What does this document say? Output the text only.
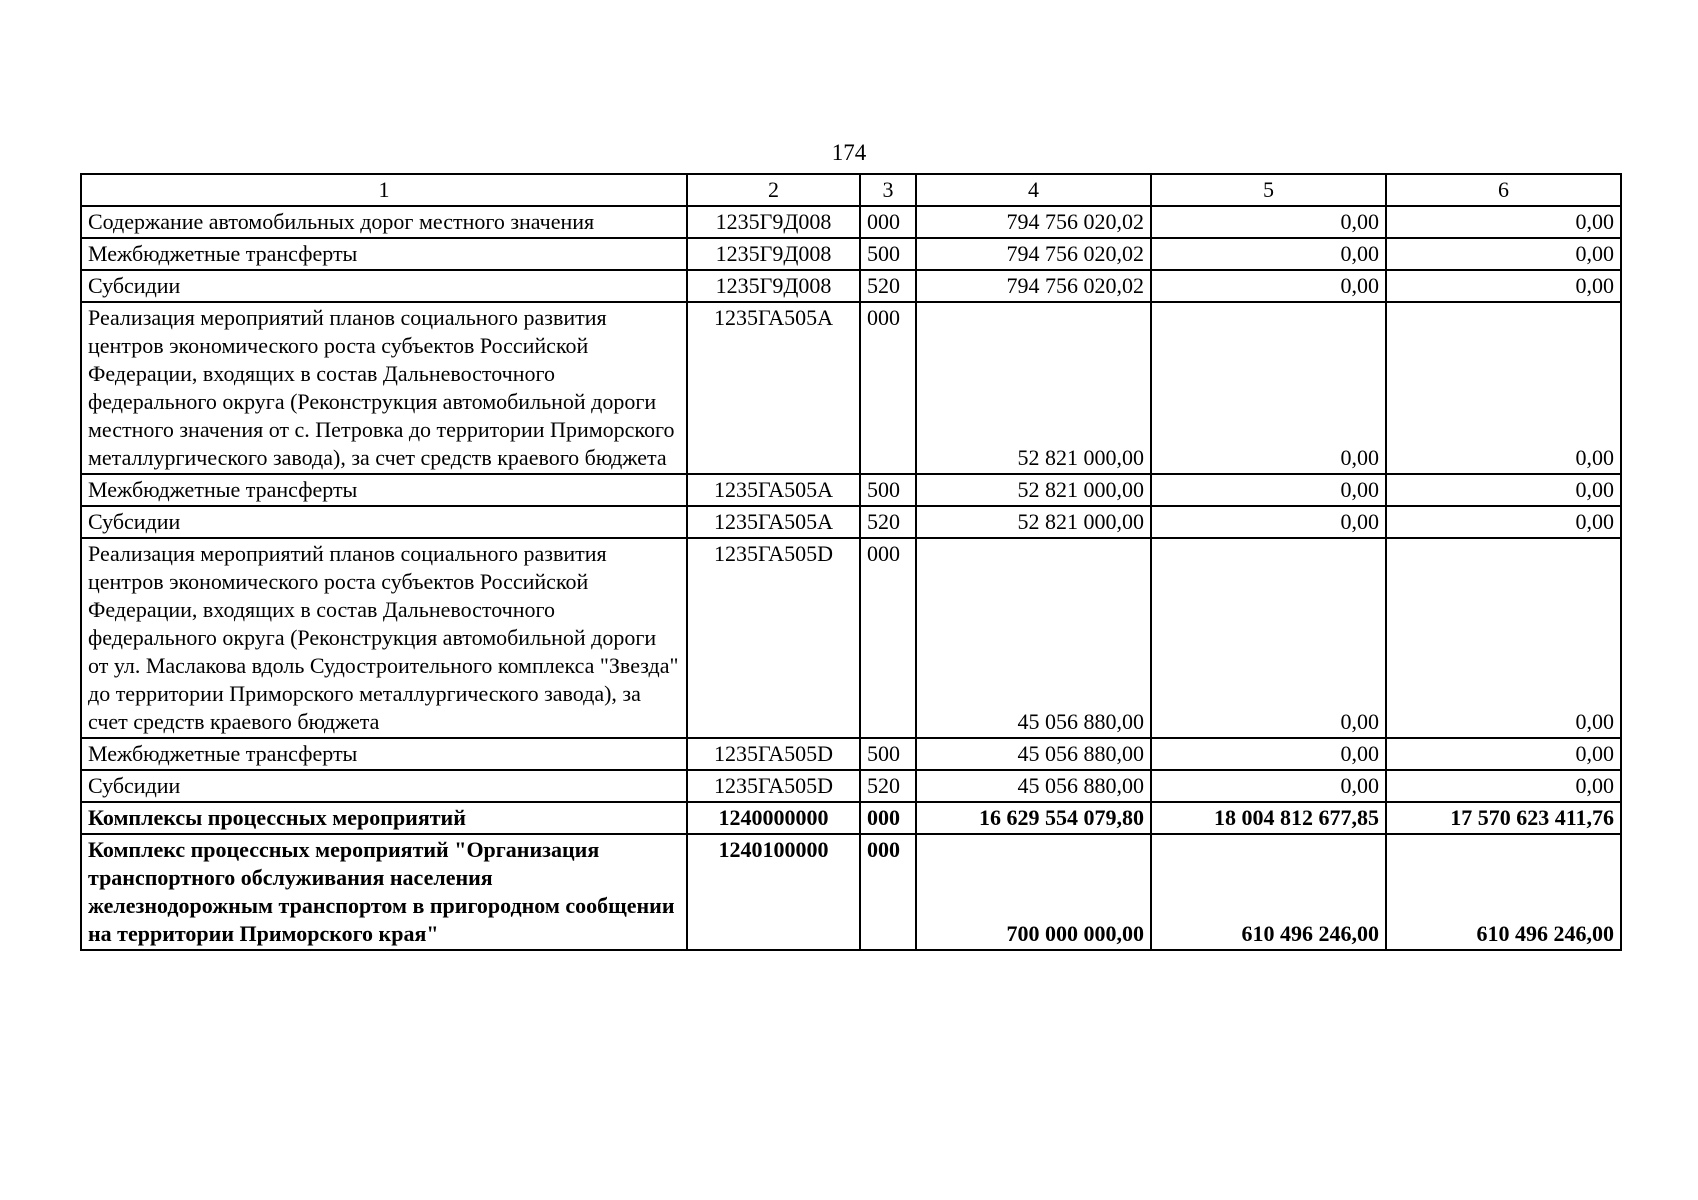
174
1	2	3	4	5	6
Содержание автомобильных дорог местного значения	1235Г9Д008	000	794 756 020,02	0,00	0,00
Межбюджетные трансферты	1235Г9Д008	500	794 756 020,02	0,00	0,00
Субсидии	1235Г9Д008	520	794 756 020,02	0,00	0,00
Реализация мероприятий планов социального развития центров экономического роста субъектов Российской Федерации, входящих в состав Дальневосточного федерального округа (Реконструкция автомобильной дороги местного значения от с. Петровка до территории Приморского металлургического завода), за счет средств краевого бюджета	1235ГА505А	000	52 821 000,00	0,00	0,00
Межбюджетные трансферты	1235ГА505А	500	52 821 000,00	0,00	0,00
Субсидии	1235ГА505А	520	52 821 000,00	0,00	0,00
Реализация мероприятий планов социального развития центров экономического роста субъектов Российской Федерации, входящих в состав Дальневосточного федерального округа (Реконструкция автомобильной дороги от ул. Маслакова вдоль Судостроительного комплекса "Звезда" до территории Приморского металлургического завода), за счет средств краевого бюджета	1235ГА505D	000	45 056 880,00	0,00	0,00
Межбюджетные трансферты	1235ГА505D	500	45 056 880,00	0,00	0,00
Субсидии	1235ГА505D	520	45 056 880,00	0,00	0,00
Комплексы процессных мероприятий	1240000000	000	16 629 554 079,80	18 004 812 677,85	17 570 623 411,76
Комплекс процессных мероприятий "Организация транспортного обслуживания населения железнодорожным транспортом в пригородном сообщении на территории Приморского края"	1240100000	000	700 000 000,00	610 496 246,00	610 496 246,00
